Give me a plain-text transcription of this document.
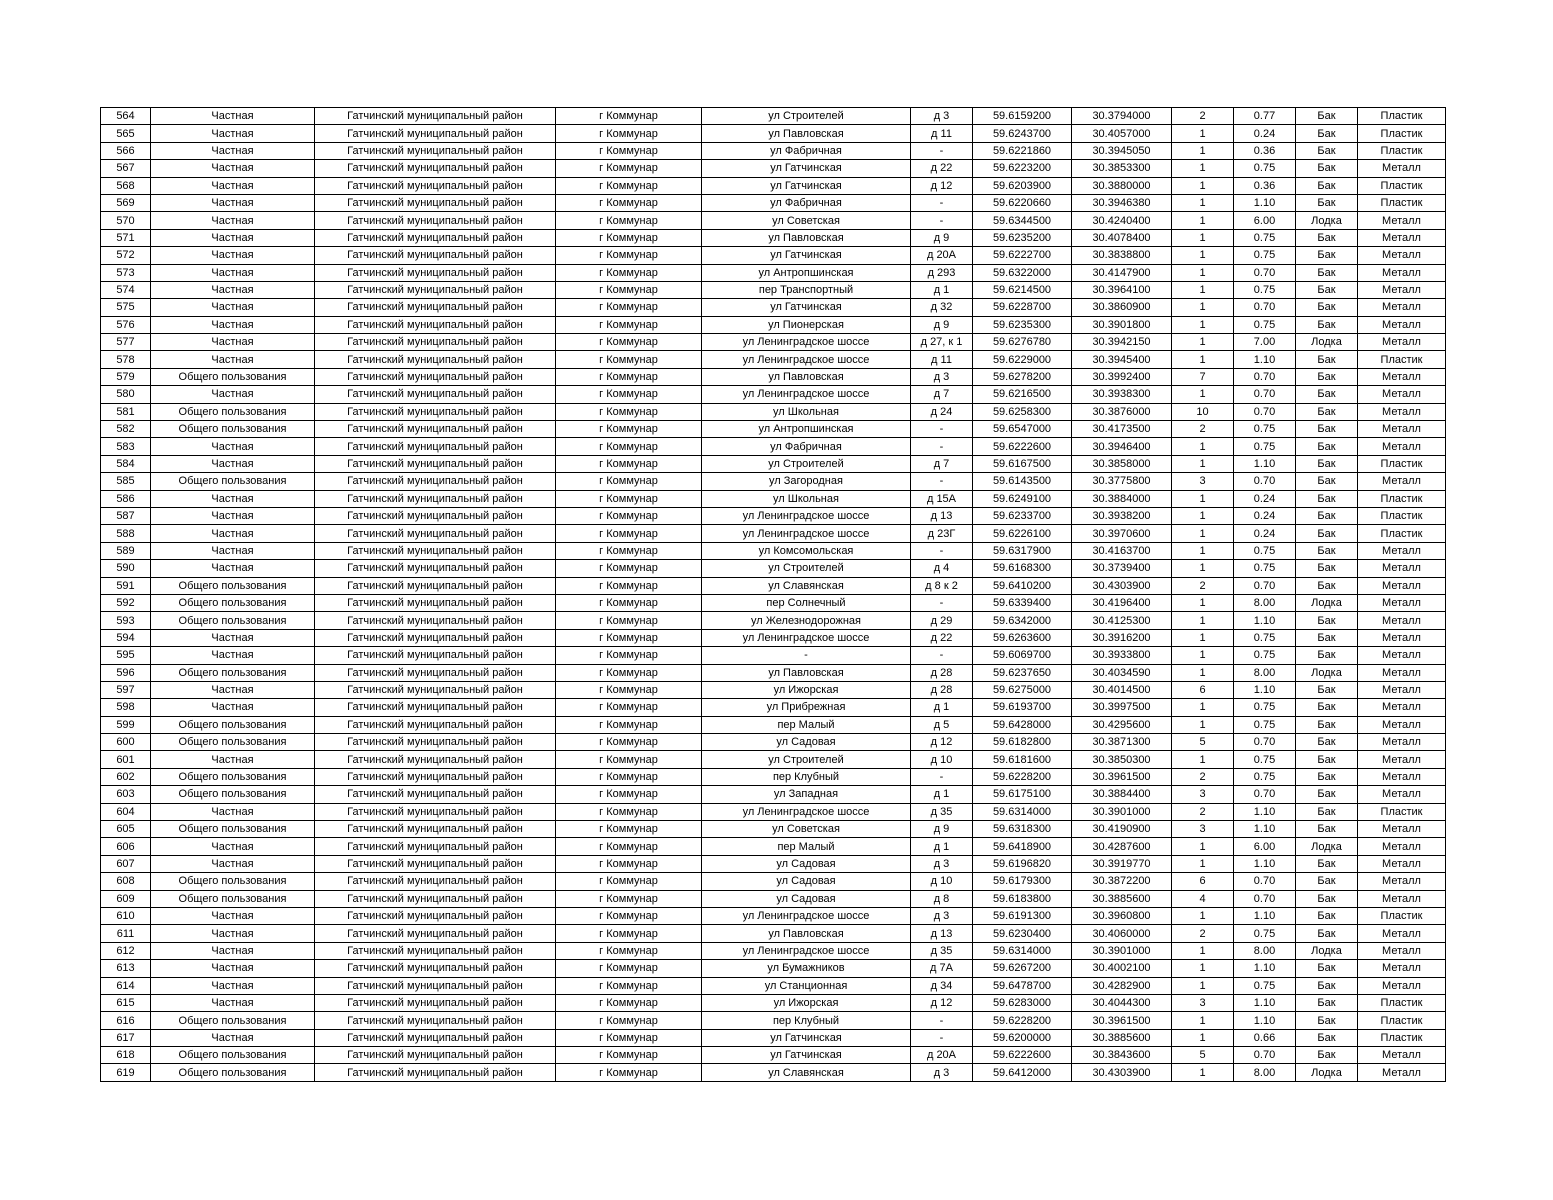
564	Частная	Гатчинский муниципальный район	г Коммунар	ул Строителей	д 3	59.6159200	30.3794000	2	0.77	Бак	Пластик
565	Частная	Гатчинский муниципальный район	г Коммунар	ул Павловская	д 11	59.6243700	30.4057000	1	0.24	Бак	Пластик
566	Частная	Гатчинский муниципальный район	г Коммунар	ул Фабричная	-	59.6221860	30.3945050	1	0.36	Бак	Пластик
567	Частная	Гатчинский муниципальный район	г Коммунар	ул Гатчинская	д 22	59.6223200	30.3853300	1	0.75	Бак	Металл
568	Частная	Гатчинский муниципальный район	г Коммунар	ул Гатчинская	д 12	59.6203900	30.3880000	1	0.36	Бак	Пластик
569	Частная	Гатчинский муниципальный район	г Коммунар	ул Фабричная	-	59.6220660	30.3946380	1	1.10	Бак	Пластик
570	Частная	Гатчинский муниципальный район	г Коммунар	ул Советская	-	59.6344500	30.4240400	1	6.00	Лодка	Металл
571	Частная	Гатчинский муниципальный район	г Коммунар	ул Павловская	д 9	59.6235200	30.4078400	1	0.75	Бак	Металл
572	Частная	Гатчинский муниципальный район	г Коммунар	ул Гатчинская	д 20А	59.6222700	30.3838800	1	0.75	Бак	Металл
573	Частная	Гатчинский муниципальный район	г Коммунар	ул Антропшинская	д 293	59.6322000	30.4147900	1	0.70	Бак	Металл
574	Частная	Гатчинский муниципальный район	г Коммунар	пер Транспортный	д 1	59.6214500	30.3964100	1	0.75	Бак	Металл
575	Частная	Гатчинский муниципальный район	г Коммунар	ул Гатчинская	д 32	59.6228700	30.3860900	1	0.70	Бак	Металл
576	Частная	Гатчинский муниципальный район	г Коммунар	ул Пионерская	д 9	59.6235300	30.3901800	1	0.75	Бак	Металл
577	Частная	Гатчинский муниципальный район	г Коммунар	ул Ленинградское шоссе	д 27, к 1	59.6276780	30.3942150	1	7.00	Лодка	Металл
578	Частная	Гатчинский муниципальный район	г Коммунар	ул Ленинградское шоссе	д 11	59.6229000	30.3945400	1	1.10	Бак	Пластик
579	Общего пользования	Гатчинский муниципальный район	г Коммунар	ул Павловская	д 3	59.6278200	30.3992400	7	0.70	Бак	Металл
580	Частная	Гатчинский муниципальный район	г Коммунар	ул Ленинградское шоссе	д 7	59.6216500	30.3938300	1	0.70	Бак	Металл
581	Общего пользования	Гатчинский муниципальный район	г Коммунар	ул Школьная	д 24	59.6258300	30.3876000	10	0.70	Бак	Металл
582	Общего пользования	Гатчинский муниципальный район	г Коммунар	ул Антропшинская	-	59.6547000	30.4173500	2	0.75	Бак	Металл
583	Частная	Гатчинский муниципальный район	г Коммунар	ул Фабричная	-	59.6222600	30.3946400	1	0.75	Бак	Металл
584	Частная	Гатчинский муниципальный район	г Коммунар	ул Строителей	д 7	59.6167500	30.3858000	1	1.10	Бак	Пластик
585	Общего пользования	Гатчинский муниципальный район	г Коммунар	ул Загородная	-	59.6143500	30.3775800	3	0.70	Бак	Металл
586	Частная	Гатчинский муниципальный район	г Коммунар	ул Школьная	д 15А	59.6249100	30.3884000	1	0.24	Бак	Пластик
587	Частная	Гатчинский муниципальный район	г Коммунар	ул Ленинградское шоссе	д 13	59.6233700	30.3938200	1	0.24	Бак	Пластик
588	Частная	Гатчинский муниципальный район	г Коммунар	ул Ленинградское шоссе	д 23Г	59.6226100	30.3970600	1	0.24	Бак	Пластик
589	Частная	Гатчинский муниципальный район	г Коммунар	ул Комсомольская	-	59.6317900	30.4163700	1	0.75	Бак	Металл
590	Частная	Гатчинский муниципальный район	г Коммунар	ул Строителей	д 4	59.6168300	30.3739400	1	0.75	Бак	Металл
591	Общего пользования	Гатчинский муниципальный район	г Коммунар	ул Славянская	д 8 к 2	59.6410200	30.4303900	2	0.70	Бак	Металл
592	Общего пользования	Гатчинский муниципальный район	г Коммунар	пер Солнечный	-	59.6339400	30.4196400	1	8.00	Лодка	Металл
593	Общего пользования	Гатчинский муниципальный район	г Коммунар	ул Железнодорожная	д 29	59.6342000	30.4125300	1	1.10	Бак	Металл
594	Частная	Гатчинский муниципальный район	г Коммунар	ул Ленинградское шоссе	д 22	59.6263600	30.3916200	1	0.75	Бак	Металл
595	Частная	Гатчинский муниципальный район	г Коммунар	-	-	59.6069700	30.3933800	1	0.75	Бак	Металл
596	Общего пользования	Гатчинский муниципальный район	г Коммунар	ул Павловская	д 28	59.6237650	30.4034590	1	8.00	Лодка	Металл
597	Частная	Гатчинский муниципальный район	г Коммунар	ул Ижорская	д 28	59.6275000	30.4014500	6	1.10	Бак	Металл
598	Частная	Гатчинский муниципальный район	г Коммунар	ул Прибрежная	д 1	59.6193700	30.3997500	1	0.75	Бак	Металл
599	Общего пользования	Гатчинский муниципальный район	г Коммунар	пер Малый	д 5	59.6428000	30.4295600	1	0.75	Бак	Металл
600	Общего пользования	Гатчинский муниципальный район	г Коммунар	ул Садовая	д 12	59.6182800	30.3871300	5	0.70	Бак	Металл
601	Частная	Гатчинский муниципальный район	г Коммунар	ул Строителей	д 10	59.6181600	30.3850300	1	0.75	Бак	Металл
602	Общего пользования	Гатчинский муниципальный район	г Коммунар	пер Клубный	-	59.6228200	30.3961500	2	0.75	Бак	Металл
603	Общего пользования	Гатчинский муниципальный район	г Коммунар	ул Западная	д 1	59.6175100	30.3884400	3	0.70	Бак	Металл
604	Частная	Гатчинский муниципальный район	г Коммунар	ул Ленинградское шоссе	д 35	59.6314000	30.3901000	2	1.10	Бак	Пластик
605	Общего пользования	Гатчинский муниципальный район	г Коммунар	ул Советская	д 9	59.6318300	30.4190900	3	1.10	Бак	Металл
606	Частная	Гатчинский муниципальный район	г Коммунар	пер Малый	д 1	59.6418900	30.4287600	1	6.00	Лодка	Металл
607	Частная	Гатчинский муниципальный район	г Коммунар	ул Садовая	д 3	59.6196820	30.3919770	1	1.10	Бак	Металл
608	Общего пользования	Гатчинский муниципальный район	г Коммунар	ул Садовая	д 10	59.6179300	30.3872200	6	0.70	Бак	Металл
609	Общего пользования	Гатчинский муниципальный район	г Коммунар	ул Садовая	д 8	59.6183800	30.3885600	4	0.70	Бак	Металл
610	Частная	Гатчинский муниципальный район	г Коммунар	ул Ленинградское шоссе	д 3	59.6191300	30.3960800	1	1.10	Бак	Пластик
611	Частная	Гатчинский муниципальный район	г Коммунар	ул Павловская	д 13	59.6230400	30.4060000	2	0.75	Бак	Металл
612	Частная	Гатчинский муниципальный район	г Коммунар	ул Ленинградское шоссе	д 35	59.6314000	30.3901000	1	8.00	Лодка	Металл
613	Частная	Гатчинский муниципальный район	г Коммунар	ул Бумажников	д 7А	59.6267200	30.4002100	1	1.10	Бак	Металл
614	Частная	Гатчинский муниципальный район	г Коммунар	ул Станционная	д 34	59.6478700	30.4282900	1	0.75	Бак	Металл
615	Частная	Гатчинский муниципальный район	г Коммунар	ул Ижорская	д 12	59.6283000	30.4044300	3	1.10	Бак	Пластик
616	Общего пользования	Гатчинский муниципальный район	г Коммунар	пер Клубный	-	59.6228200	30.3961500	1	1.10	Бак	Пластик
617	Частная	Гатчинский муниципальный район	г Коммунар	ул Гатчинская	-	59.6200000	30.3885600	1	0.66	Бак	Пластик
618	Общего пользования	Гатчинский муниципальный район	г Коммунар	ул Гатчинская	д 20А	59.6222600	30.3843600	5	0.70	Бак	Металл
619	Общего пользования	Гатчинский муниципальный район	г Коммунар	ул Славянская	д 3	59.6412000	30.4303900	1	8.00	Лодка	Металл
